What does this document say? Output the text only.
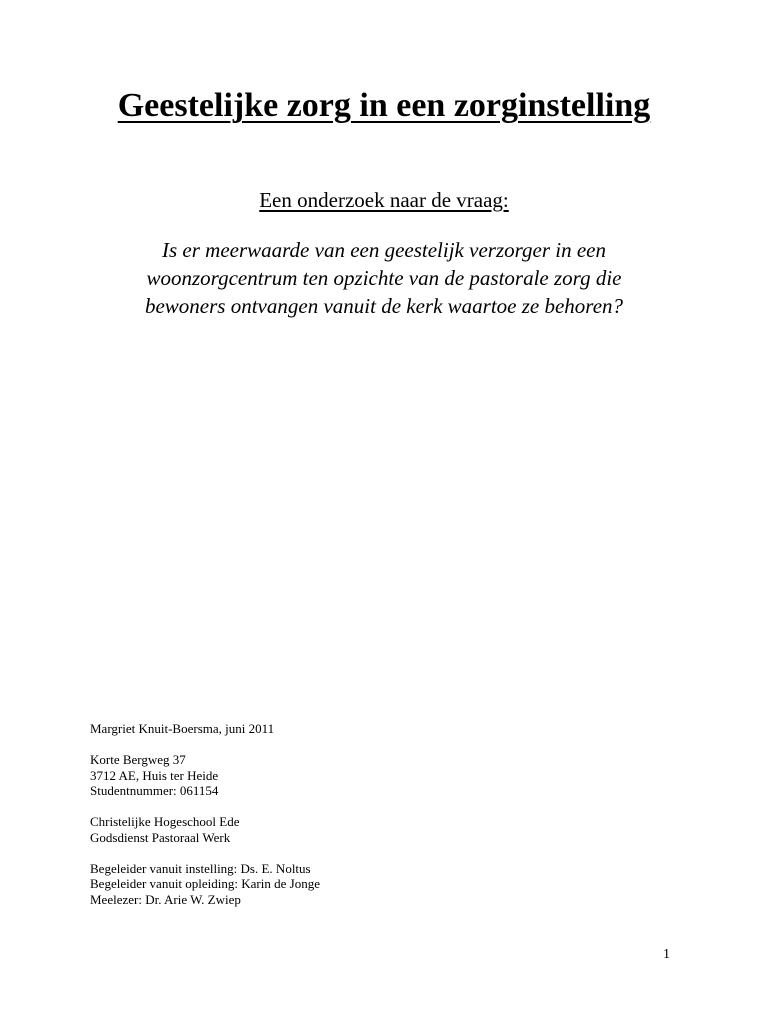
Geestelijke zorg in een zorginstelling
Een onderzoek naar de vraag:
Is er meerwaarde van een geestelijk verzorger in een
woonzorgcentrum ten opzichte van de pastorale zorg die
bewoners ontvangen vanuit de kerk waartoe ze behoren?
Margriet Knuit-Boersma, juni 2011
Korte Bergweg 37
3712 AE, Huis ter Heide
Studentnummer: 061154
Christelijke Hogeschool Ede
Godsdienst Pastoraal Werk
Begeleider vanuit instelling: Ds. E. Noltus
Begeleider vanuit opleiding: Karin de Jonge
Meelezer: Dr. Arie W. Zwiep
1
